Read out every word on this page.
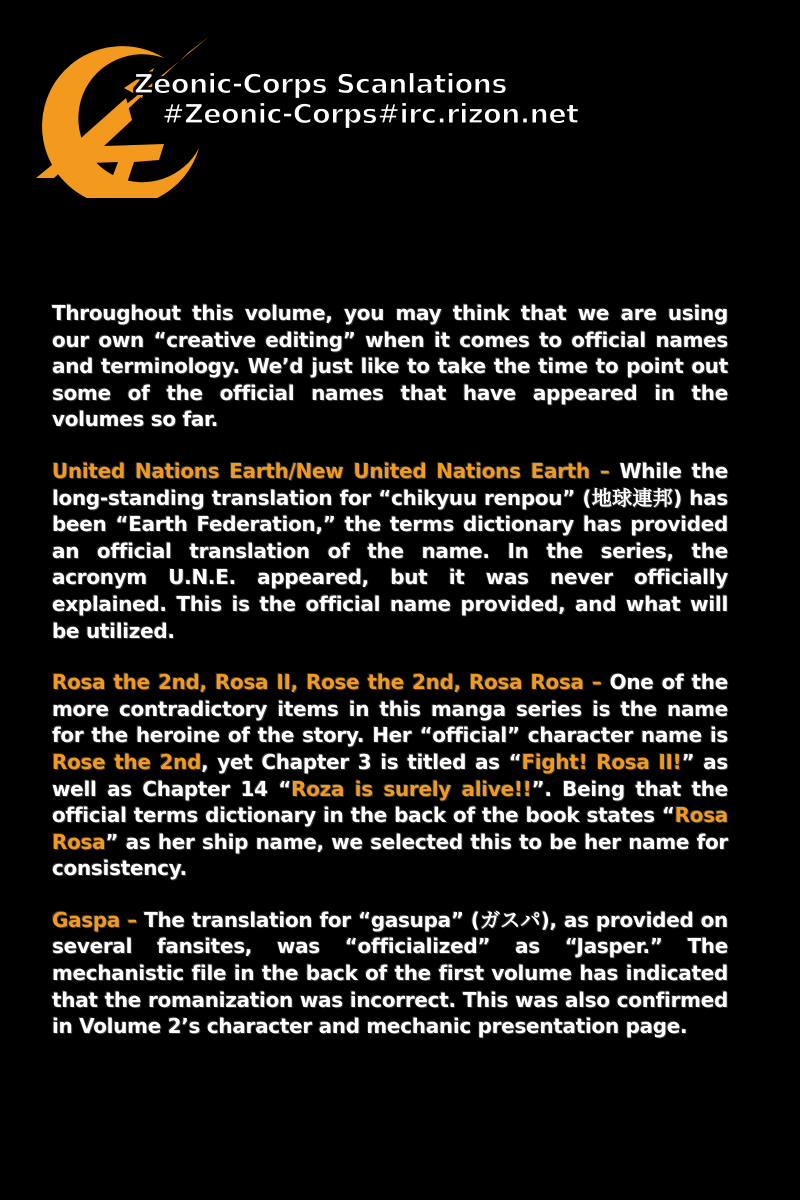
Zeonic-Corps Scanlations
#Zeonic-Corps#irc.rizon.net

Throughout this volume, you may think that we are using our own “creative editing” when it comes to official names and terminology. We’d just like to take the time to point out some of the official names that have appeared in the volumes so far.

United Nations Earth/New United Nations Earth – While the long-standing translation for “chikyuu renpou” (地球連邦) has been “Earth Federation,” the terms dictionary has provided an official translation of the name. In the series, the acronym U.N.E. appeared, but it was never officially explained. This is the official name provided, and what will be utilized.

Rosa the 2nd, Rosa II, Rose the 2nd, Rosa Rosa – One of the more contradictory items in this manga series is the name for the heroine of the story. Her “official” character name is Rose the 2nd, yet Chapter 3 is titled as “Fight! Rosa II!” as well as Chapter 14 “Roza is surely alive!!”. Being that the official terms dictionary in the back of the book states “Rosa Rosa” as her ship name, we selected this to be her name for consistency.

Gaspa – The translation for “gasupa” (ガスパ), as provided on several fansites, was “officialized” as “Jasper.” The mechanistic file in the back of the first volume has indicated that the romanization was incorrect. This was also confirmed in Volume 2’s character and mechanic presentation page.
